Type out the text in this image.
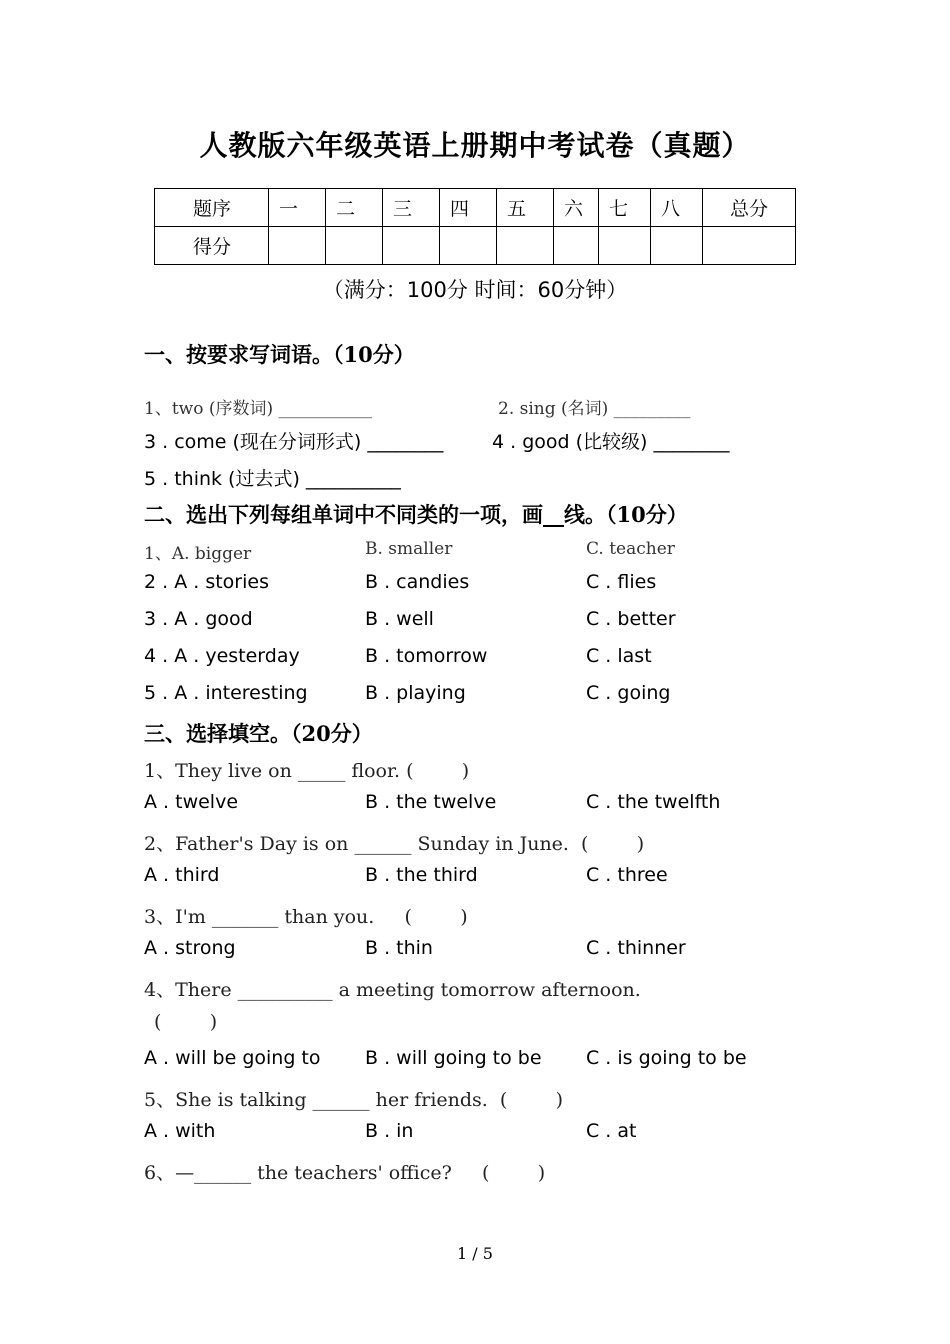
人教版六年级英语上册期中考试卷（真题）
题序	一	二	三	四	五	六	七	八	总分
得分									
（满分：100分 时间：60分钟）
一、按要求写词语。（10分）
1、two (序数词) ___________	2. sing (名词) _________
3 . come (现在分词形式) ________	4 . good (比较级) ________
5 . think (过去式) __________
二、选出下列每组单词中不同类的一项，画__线。（10分）
1、A. bigger	B. smaller	C. teacher
2 . A . stories	B . candies	C . flies
3 . A . good	B . well	C . better
4 . A . yesterday	B . tomorrow	C . last
5 . A . interesting	B . playing	C . going
三、选择填空。（20分）
1、They live on _____ floor. (        )
A . twelve	B . the twelve	C . the twelfth
2、Father's Day is on ______ Sunday in June.  (        )
A . third	B . the third	C . three
3、I'm _______ than you.     (        )
A . strong	B . thin	C . thinner
4、There __________ a meeting tomorrow afternoon.
(        )
A . will be going to B . will going to be C . is going to be
5、She is talking ______ her friends.  (        )
A . with	B . in	C . at
6、—______ the teachers' office?     (        )
1 / 5
